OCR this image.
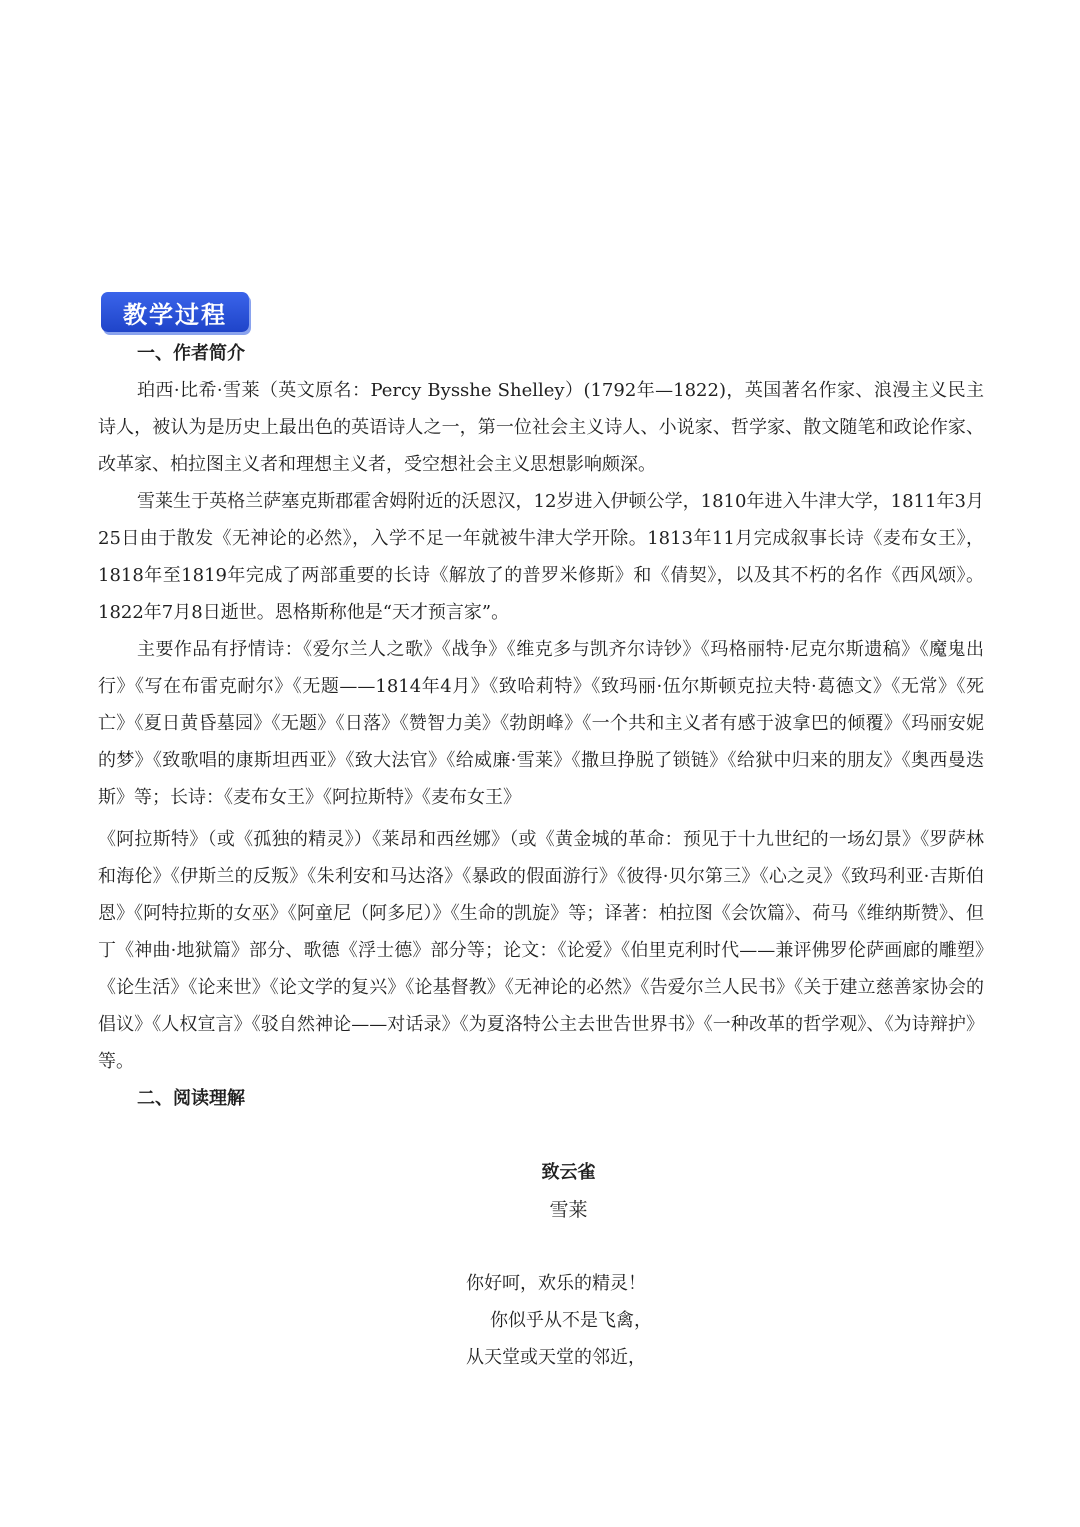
教学过程
一、作者简介

珀西·比希·雪莱（英文原名：Percy Bysshe Shelley）(1792年—1822)，英国著名作家、浪漫主义民主诗人，被认为是历史上最出色的英语诗人之一，第一位社会主义诗人、小说家、哲学家、散文随笔和政论作家、改革家、柏拉图主义者和理想主义者，受空想社会主义思想影响颇深。

雪莱生于英格兰萨塞克斯郡霍舍姆附近的沃恩汉，12岁进入伊顿公学，1810年进入牛津大学，1811年3月25日由于散发《无神论的必然》，入学不足一年就被牛津大学开除。1813年11月完成叙事长诗《麦布女王》，1818年至1819年完成了两部重要的长诗《解放了的普罗米修斯》和《倩契》，以及其不朽的名作《西风颂》。1822年7月8日逝世。恩格斯称他是“天才预言家”。

主要作品有抒情诗：《爱尔兰人之歌》《战争》《维克多与凯齐尔诗钞》《玛格丽特·尼克尔斯遗稿》《魔鬼出行》《写在布雷克耐尔》《无题——1814年4月》《致哈莉特》《致玛丽·伍尔斯顿克拉夫特·葛德文》《无常》《死亡》《夏日黄昏墓园》《无题》《日落》《赞智力美》《勃朗峰》《一个共和主义者有感于波拿巴的倾覆》《玛丽安妮的梦》《致歌唱的康斯坦西亚》《致大法官》《给威廉·雪莱》《撒旦挣脱了锁链》《给狱中归来的朋友》《奥西曼迭斯》等；长诗：《麦布女王》《阿拉斯特》《麦布女王》

《阿拉斯特》（或《孤独的精灵》）《莱昂和西丝娜》（或《黄金城的革命：预见于十九世纪的一场幻景》《罗萨林和海伦》《伊斯兰的反叛》《朱利安和马达洛》《暴政的假面游行》《彼得·贝尔第三》《心之灵》《致玛利亚·吉斯伯恩》《阿特拉斯的女巫》《阿童尼（阿多尼）》《生命的凯旋》等；译著：柏拉图《会饮篇》、荷马《维纳斯赞》、但丁《神曲·地狱篇》部分、歌德《浮士德》部分等；论文：《论爱》《伯里克利时代——兼评佛罗伦萨画廊的雕塑》《论生活》《论来世》《论文学的复兴》《论基督教》《无神论的必然》《告爱尔兰人民书》《关于建立慈善家协会的倡议》《人权宣言》《驳自然神论——对话录》《为夏洛特公主去世告世界书》《一种改革的哲学观》、《为诗辩护》等。

二、阅读理解
致云雀
雪莱
你好呵，欢乐的精灵！
你似乎从不是飞禽，
从天堂或天堂的邻近，
